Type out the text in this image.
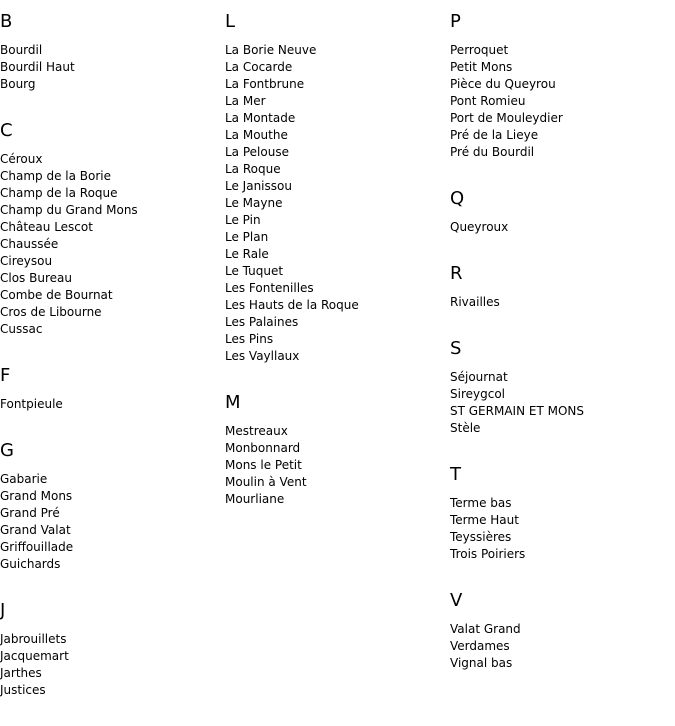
B
Bourdil
Bourdil Haut
Bourg
C
Céroux
Champ de la Borie
Champ de la Roque
Champ du Grand Mons
Château Lescot
Chaussée
Cireysou
Clos Bureau
Combe de Bournat
Cros de Libourne
Cussac
F
Fontpieule
G
Gabarie
Grand Mons
Grand Pré
Grand Valat
Griffouillade
Guichards
J
Jabrouillets
Jacquemart
Jarthes
Justices
L
La Borie Neuve
La Cocarde
La Fontbrune
La Mer
La Montade
La Mouthe
La Pelouse
La Roque
Le Janissou
Le Mayne
Le Pin
Le Plan
Le Rale
Le Tuquet
Les Fontenilles
Les Hauts de la Roque
Les Palaines
Les Pins
Les Vayllaux
M
Mestreaux
Monbonnard
Mons le Petit
Moulin à Vent
Mourliane
P
Perroquet
Petit Mons
Pièce du Queyrou
Pont Romieu
Port de Mouleydier
Pré de la Lieye
Pré du Bourdil
Q
Queyroux
R
Rivailles
S
Séjournat
Sireygcol
ST GERMAIN ET MONS
Stèle
T
Terme bas
Terme Haut
Teyssières
Trois Poiriers
V
Valat Grand
Verdames
Vignal bas
